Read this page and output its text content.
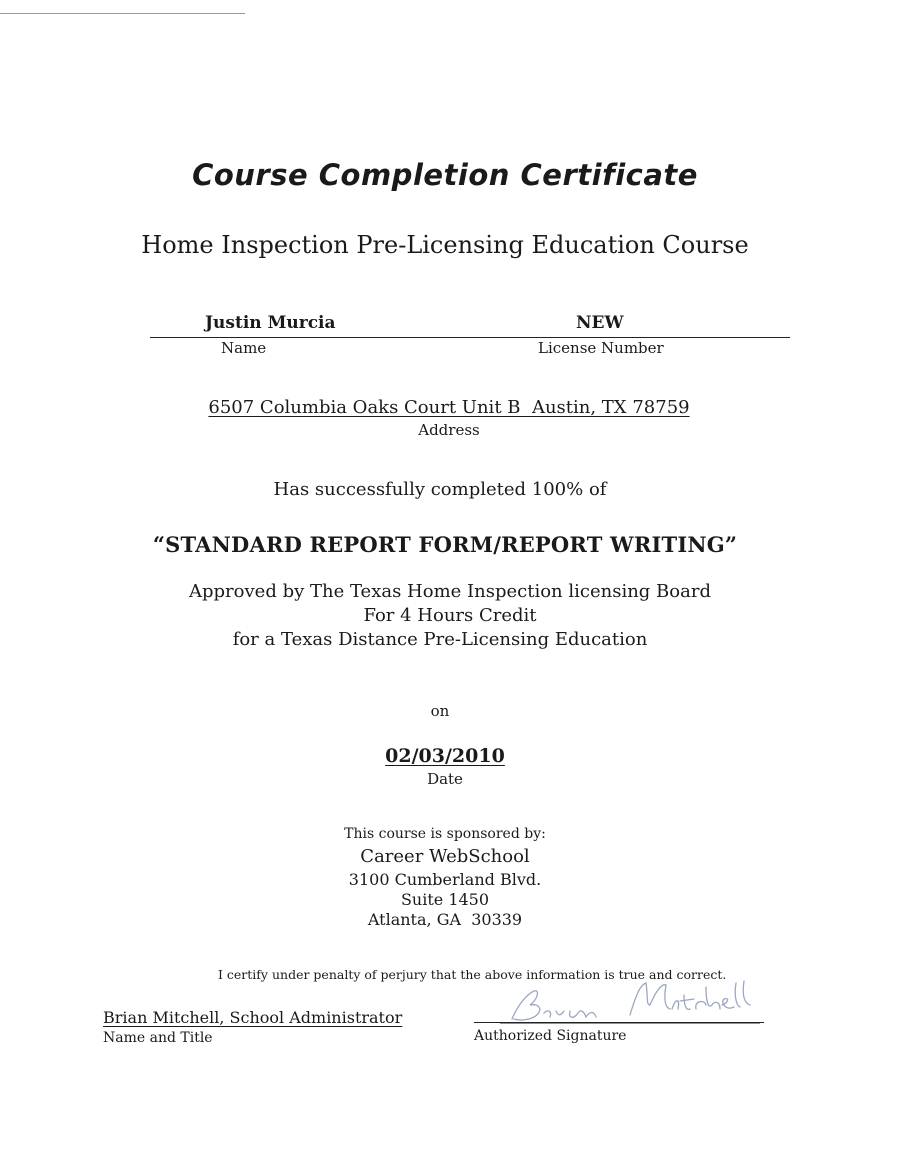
Course Completion Certificate
Home Inspection Pre-Licensing Education Course
Justin Murcia	NEW
Name	License Number
6507 Columbia Oaks Court Unit B  Austin, TX 78759
Address
Has successfully completed 100% of
“STANDARD REPORT FORM/REPORT WRITING”
Approved by The Texas Home Inspection licensing Board
For 4 Hours Credit
for a Texas Distance Pre-Licensing Education
on
02/03/2010
Date
This course is sponsored by:
Career WebSchool
3100 Cumberland Blvd.
Suite 1450
Atlanta, GA  30339
I certify under penalty of perjury that the above information is true and correct.
Brian Mitchell, School Administrator
Name and Title	Authorized Signature
